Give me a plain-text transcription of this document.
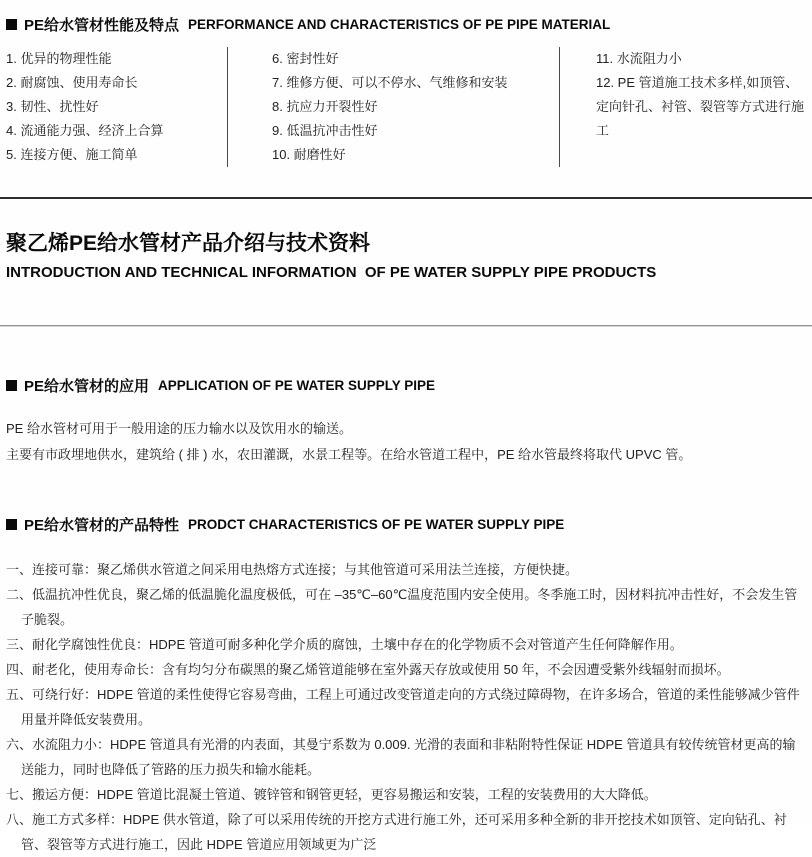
PE给水管材性能及特点 PERFORMANCE AND CHARACTERISTICS OF PE PIPE MATERIAL
1. 优异的物理性能
2. 耐腐蚀、使用寿命长
3. 韧性、扰性好
4. 流通能力强、经济上合算
5. 连接方便、施工简单
6. 密封性好
7. 维修方便、可以不停水、气维修和安装
8. 抗应力开裂性好
9. 低温抗冲击性好
10. 耐磨性好
11. 水流阻力小
12. PE 管道施工技术多样,如顶管、定向针孔、衬管、裂管等方式进行施工
聚乙烯PE给水管材产品介绍与技术资料
INTRODUCTION AND TECHNICAL INFORMATION  OF PE WATER SUPPLY PIPE PRODUCTS
PE给水管材的应用 APPLICATION OF PE WATER SUPPLY PIPE
PE 给水管材可用于一般用途的压力输水以及饮用水的输送。
主要有市政埋地供水，建筑给 ( 排 ) 水，农田灌溉，水景工程等。在给水管道工程中，PE 给水管最终将取代 UPVC 管。
PE给水管材的产品特性 PRODCT CHARACTERISTICS OF PE WATER SUPPLY PIPE
一、连接可靠：聚乙烯供水管道之间采用电热熔方式连接；与其他管道可采用法兰连接，方便快捷。
二、低温抗冲性优良，聚乙烯的低温脆化温度极低，可在 –35℃–60℃温度范围内安全使用。冬季施工时，因材料抗冲击性好，不会发生管子脆裂。
三、耐化学腐蚀性优良：HDPE 管道可耐多种化学介质的腐蚀，土壤中存在的化学物质不会对管道产生任何降解作用。
四、耐老化，使用寿命长：含有均匀分布碳黑的聚乙烯管道能够在室外露天存放或使用 50 年，不会因遭受紫外线辐射而损坏。
五、可绕行好：HDPE 管道的柔性使得它容易弯曲，工程上可通过改变管道走向的方式绕过障碍物，在许多场合，管道的柔性能够减少管件用量并降低安装费用。
六、水流阻力小：HDPE 管道具有光滑的内表面，其曼宁系数为 0.009. 光滑的表面和非粘附特性保证 HDPE 管道具有较传统管材更高的输送能力，同时也降低了管路的压力损失和输水能耗。
七、搬运方便：HDPE 管道比混凝土管道、镀锌管和钢管更轻，更容易搬运和安装，工程的安装费用的大大降低。
八、施工方式多样：HDPE 供水管道，除了可以采用传统的开挖方式进行施工外，还可采用多种全新的非开挖技术如顶管、定向钻孔、衬管、裂管等方式进行施工，因此 HDPE 管道应用领域更为广泛
